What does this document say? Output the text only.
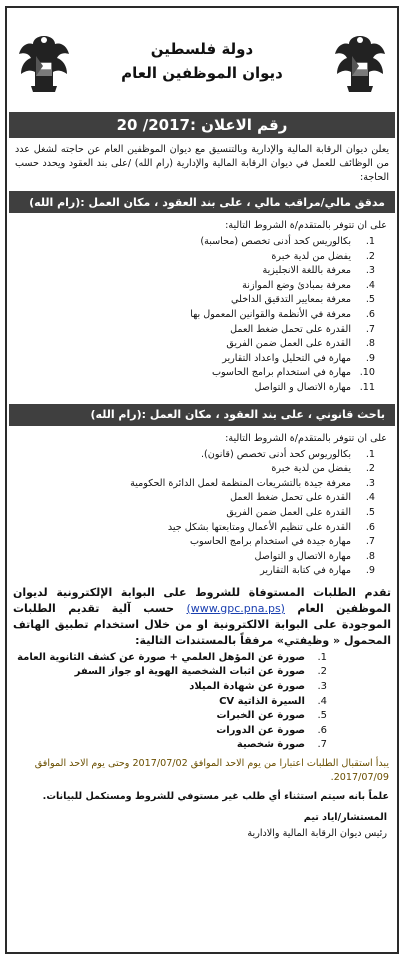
دولة فلسطين
ديوان الموظفين العام
رقم الاعلان :2017/ 20
يعلن ديوان الرقابة المالية والإدارية وبالتنسيق مع ديوان الموظفين العام عن حاجته لشغل عدد من الوظائف للعمل في ديوان الرقابة المالية والإدارية (رام الله) /على بند العقود ويحدد حسب الحاجة:
مدقق مالي/مراقب مالي ، على بند العقود ، مكان العمل :(رام الله)
على ان تتوفر بالمتقدم/ة الشروط التالية:
1.
بكالوريس كحد أدنى تخصص (محاسبة)
2.
يفضل من لدية خبرة
3.
معرفة باللغة الانجليزية
4.
معرفة بمبادئ وضع الموازنة
5.
معرفة بمعايير التدقيق الداخلي
6.
معرفة في الأنظمة والقوانين المعمول بها
7.
القدرة على تحمل ضغط العمل
8.
القدرة على العمل ضمن الفريق
9.
مهارة في التحليل واعداد التقارير
10.
مهارة في استخدام برامج الحاسوب
11.
مهارة الاتصال و التواصل
باحث قانوني ، على بند العقود ، مكان العمل :(رام الله)
على ان تتوفر بالمتقدم/ة الشروط التالية:
1.
بكالوريوس كحد أدنى تخصص (قانون).
2.
يفضل من لدية خبرة
3.
معرفة جيدة بالتشريعات المنظمة لعمل الدائرة الحكومية
4.
القدرة على تحمل ضغط العمل
5.
القدرة على العمل ضمن الفريق
6.
القدرة على تنظيم الأعمال ومتابعتها بشكل جيد
7.
مهارة جيدة في استخدام برامج الحاسوب
8.
مهارة الاتصال و التواصل
9.
مهارة في كتابة التقارير
تقدم الطلبات المستوفاة للشروط على البوابة الإلكترونية لديوان الموظفين العام (www.gpc.pna.ps) حسب آلية تقديم الطلبات الموجودة على البوابة الالكترونية او من خلال استخدام تطبيق الهاتف المحمول « وظيفتي» مرفقاً بالمستندات التالية:
1.
صورة عن المؤهل العلمي + صورة عن كشف الثانوية العامة
2.
صورة عن اثبات الشخصية الهوية او جواز السفر
3.
صورة عن شهادة الميلاد
4.
السيرة الذاتية CV
5.
صورة عن الخبرات
6.
صورة عن الدورات
7.
صورة شخصية
يبدأ استقبال الطلبات اعتبارا من يوم الاحد الموافق 2017/07/02 وحتى يوم الاحد الموافق 2017/07/09.
علماً بانه سيتم استثناء أي طلب غير مستوفي للشروط ومستكمل للبيانات.
المستشار/اياد تيم
رئيس ديوان الرقابة المالية والادارية
